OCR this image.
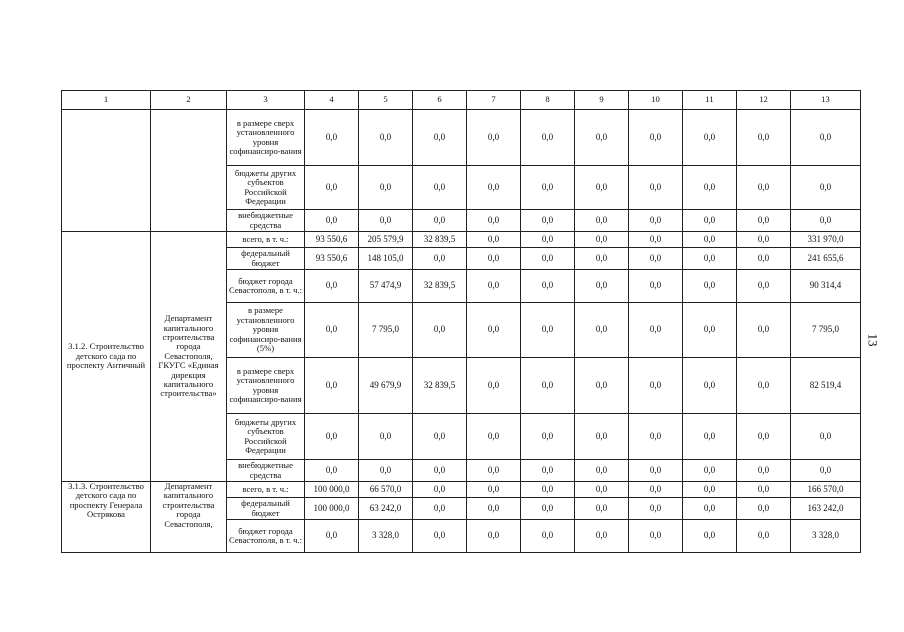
13
1	2	3	4	5	6	7	8	9	10	11	12	13
		в размере сверх установленного уровня софинансиро-вания	0,0	0,0	0,0	0,0	0,0	0,0	0,0	0,0	0,0	0,0
		бюджеты других субъектов Российской Федерации	0,0	0,0	0,0	0,0	0,0	0,0	0,0	0,0	0,0	0,0
		внебюджетные средства	0,0	0,0	0,0	0,0	0,0	0,0	0,0	0,0	0,0	0,0
3.1.2. Строительство детского сада по проспекту Античный	Департамент капитального строительства города Севастополя, ГКУГС «Единая дирекция капитального строительства»	всего, в т. ч.:	93 550,6	205 579,9	32 839,5	0,0	0,0	0,0	0,0	0,0	0,0	331 970,0
		федеральный бюджет	93 550,6	148 105,0	0,0	0,0	0,0	0,0	0,0	0,0	0,0	241 655,6
		бюджет города Севастополя, в т. ч.:	0,0	57 474,9	32 839,5	0,0	0,0	0,0	0,0	0,0	0,0	90 314,4
		в размере установленного уровня софинансиро-вания (5%)	0,0	7 795,0	0,0	0,0	0,0	0,0	0,0	0,0	0,0	7 795,0
		в размере сверх установленного уровня софинансиро-вания	0,0	49 679,9	32 839,5	0,0	0,0	0,0	0,0	0,0	0,0	82 519,4
		бюджеты других субъектов Российской Федерации	0,0	0,0	0,0	0,0	0,0	0,0	0,0	0,0	0,0	0,0
		внебюджетные средства	0,0	0,0	0,0	0,0	0,0	0,0	0,0	0,0	0,0	0,0
3.1.3. Строительство детского сада по проспекту Генерала Острякова	Департамент капитального строительства города Севастополя,	всего, в т. ч.:	100 000,0	66 570,0	0,0	0,0	0,0	0,0	0,0	0,0	0,0	166 570,0
		федеральный бюджет	100 000,0	63 242,0	0,0	0,0	0,0	0,0	0,0	0,0	0,0	163 242,0
		бюджет города Севастополя, в т. ч.:	0,0	3 328,0	0,0	0,0	0,0	0,0	0,0	0,0	0,0	3 328,0
